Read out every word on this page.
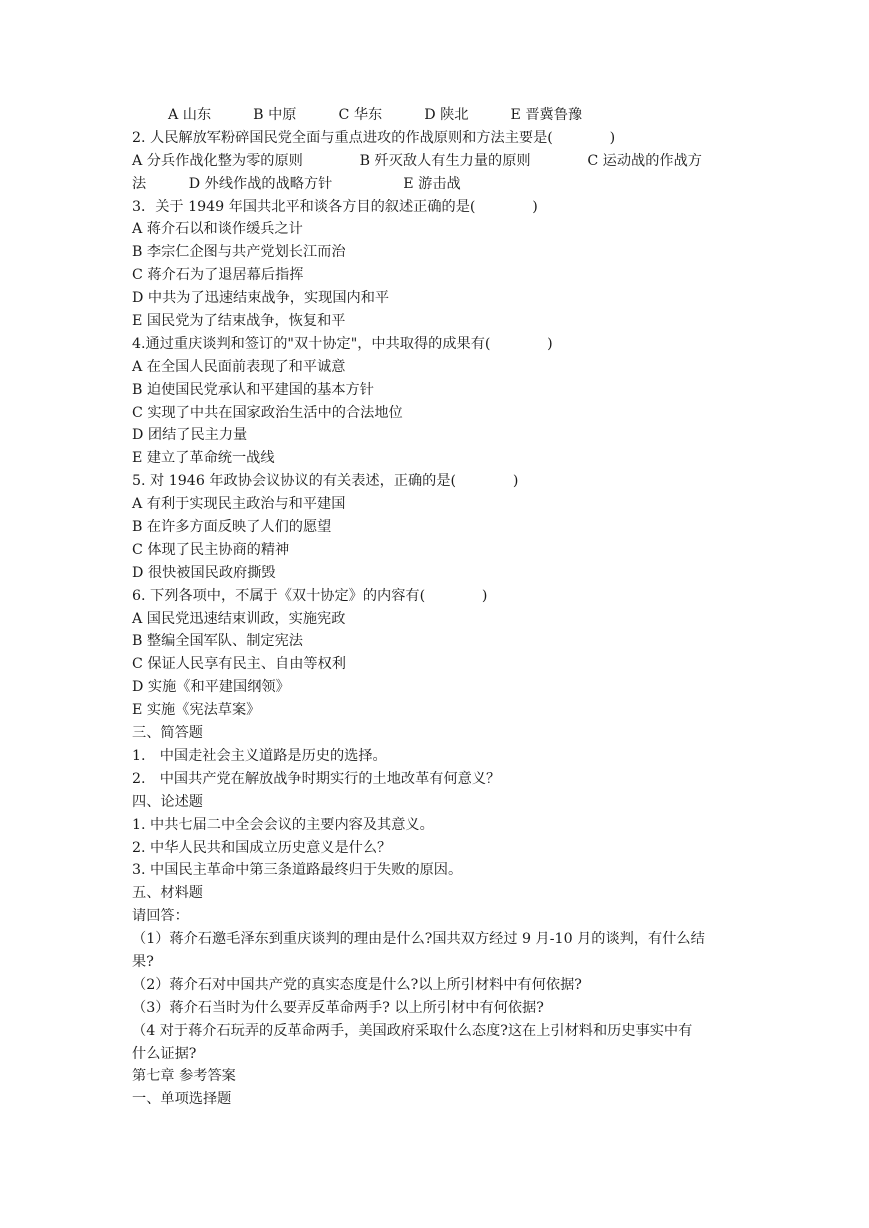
A 山东	B 中原	C 华东	D 陕北	E 晋冀鲁豫
2. 人民解放军粉碎国民党全面与重点进攻的作战原则和方法主要是(　　　　)
A 分兵作战化整为零的原则　　　　B 歼灭敌人有生力量的原则　　　　C 运动战的作战方
法　　　D 外线作战的战略方针　　　　　E 游击战
3．关于 1949 年国共北平和谈各方目的叙述正确的是(　　　　)
A 蒋介石以和谈作缓兵之计
B 李宗仁企图与共产党划长江而治
C 蒋介石为了退居幕后指挥
D 中共为了迅速结束战争，实现国内和平
E 国民党为了结束战争，恢复和平
4.通过重庆谈判和签订的"双十协定"，中共取得的成果有(　　　　)
A 在全国人民面前表现了和平诚意
B 迫使国民党承认和平建国的基本方针
C 实现了中共在国家政治生活中的合法地位
D 团结了民主力量
E 建立了革命统一战线
5. 对 1946 年政协会议协议的有关表述，正确的是(　　　　)
A 有利于实现民主政治与和平建国
B 在许多方面反映了人们的愿望
C 体现了民主协商的精神
D 很快被国民政府撕毁
6. 下列各项中，不属于《双十协定》的内容有(　　　　)
A 国民党迅速结束训政，实施宪政
B 整编全国军队、制定宪法
C 保证人民享有民主、自由等权利
D 实施《和平建国纲领》
E 实施《宪法草案》
三、简答题
1.　中国走社会主义道路是历史的选择。
2.　中国共产党在解放战争时期实行的土地改革有何意义？
四、论述题
1. 中共七届二中全会会议的主要内容及其意义。
2. 中华人民共和国成立历史意义是什么？
3. 中国民主革命中第三条道路最终归于失败的原因。
五、材料题
请回答：
（1）蒋介石邀毛泽东到重庆谈判的理由是什么?国共双方经过 9 月-10 月的谈判，有什么结
果?
（2）蒋介石对中国共产党的真实态度是什么?以上所引材料中有何依据?
（3）蒋介石当时为什么要弄反革命两手? 以上所引材中有何依据?
（4 对于蒋介石玩弄的反革命两手，美国政府采取什么态度?这在上引材料和历史事实中有
什么证据?
第七章 参考答案
一、单项选择题
